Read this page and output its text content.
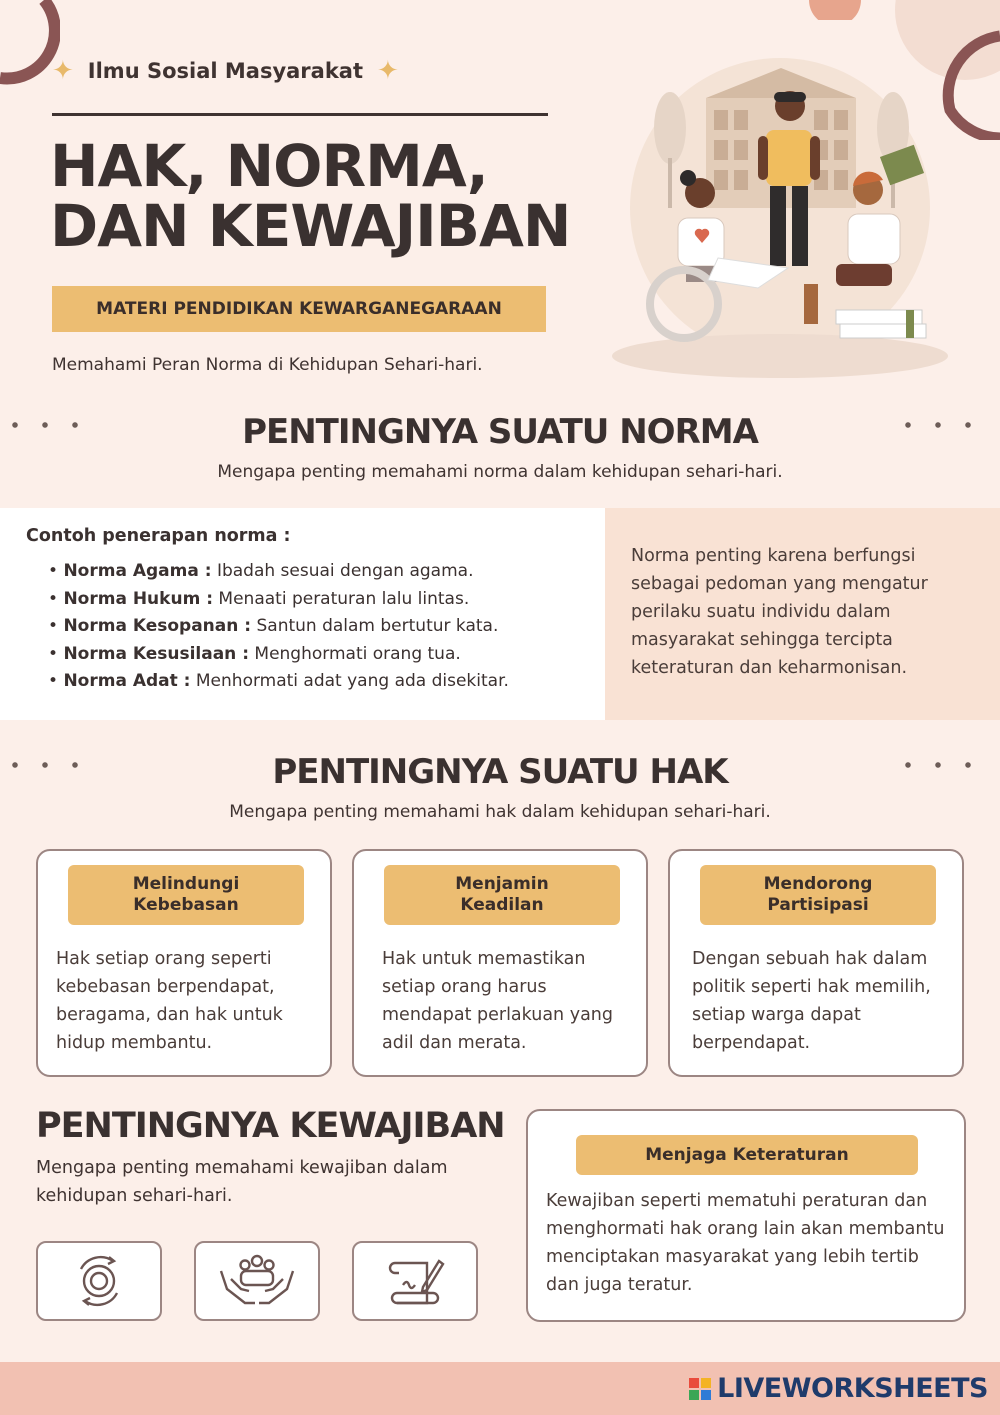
✦ Ilmu Sosial Masyarakat ✦
HAK, NORMA,
DAN KEWAJIBAN
MATERI PENDIDIKAN KEWARGANEGARAAN
Memahami Peran Norma di Kehidupan Sehari-hari.
PENTINGNYA SUATU NORMA
Mengapa penting memahami norma dalam kehidupan sehari-hari.
Contoh penerapan norma :
• Norma Agama : Ibadah sesuai dengan agama.
• Norma Hukum : Menaati peraturan lalu lintas.
• Norma Kesopanan : Santun dalam bertutur kata.
• Norma Kesusilaan : Menghormati orang tua.
• Norma Adat : Menhormati adat yang ada disekitar.
Norma penting karena berfungsi sebagai pedoman yang mengatur perilaku suatu individu dalam masyarakat sehingga tercipta keteraturan dan keharmonisan.
PENTINGNYA SUATU HAK
Mengapa penting memahami hak dalam kehidupan sehari-hari.
Melindungi Kebebasan
Hak setiap orang seperti kebebasan berpendapat, beragama, dan hak untuk hidup membantu.
Menjamin Keadilan
Hak untuk memastikan setiap orang harus mendapat perlakuan yang adil dan merata.
Mendorong Partisipasi
Dengan sebuah hak dalam politik seperti hak memilih, setiap warga dapat berpendapat.
PENTINGNYA KEWAJIBAN
Mengapa penting memahami kewajiban dalam kehidupan sehari-hari.
Menjaga Keteraturan
Kewajiban seperti mematuhi peraturan dan menghormati hak orang lain akan membantu menciptakan masyarakat yang lebih tertib dan juga teratur.
LIVEWORKSHEETS
